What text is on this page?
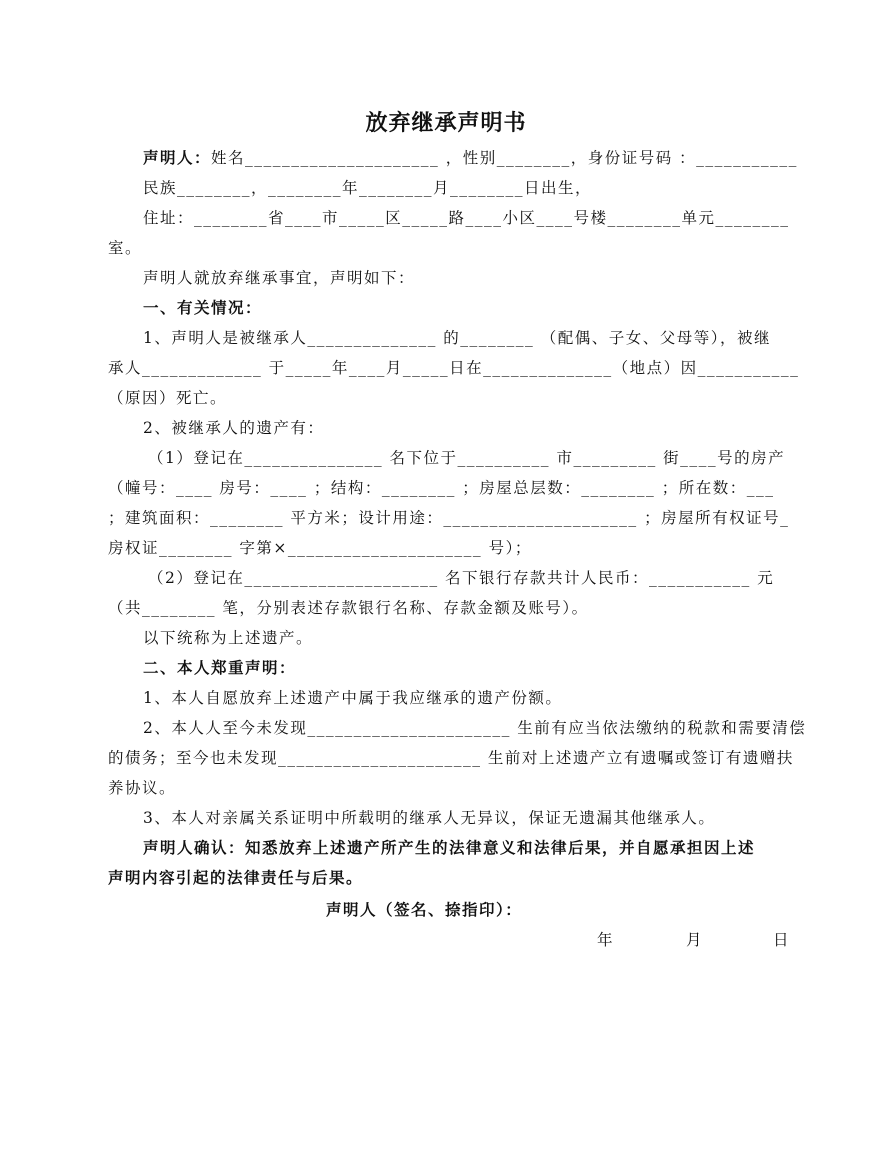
放弃继承声明书
声明人：姓名_____________________ ，性别________，身份证号码 ：___________
民族________，________年________月________日出生，
住址：________省____市_____区_____路____小区____号楼________单元________
室。
声明人就放弃继承事宜，声明如下：
一、有关情况：
1、声明人是被继承人______________ 的________ （配偶、子女、父母等），被继
承人_____________ 于_____年____月_____日在______________（地点）因___________
（原因）死亡。
2、被继承人的遗产有：
（1）登记在_______________ 名下位于__________ 市_________ 街____号的房产
（幢号：____ 房号：____ ；结构：________ ；房屋总层数：________ ；所在数：___
；建筑面积：________ 平方米；设计用途：_____________________ ；房屋所有权证号_
房权证________ 字第×_____________________ 号）；
（2）登记在_____________________ 名下银行存款共计人民币：___________ 元
（共________ 笔，分别表述存款银行名称、存款金额及账号）。
以下统称为上述遗产。
二、本人郑重声明：
1、本人自愿放弃上述遗产中属于我应继承的遗产份额。
2、本人人至今未发现______________________ 生前有应当依法缴纳的税款和需要清偿
的债务；至今也未发现______________________ 生前对上述遗产立有遗嘱或签订有遗赠扶
养协议。
3、本人对亲属关系证明中所载明的继承人无异议，保证无遗漏其他继承人。
声明人确认：知悉放弃上述遗产所产生的法律意义和法律后果，并自愿承担因上述
声明内容引起的法律责任与后果。
声明人（签名、捺指印）：
年	月	日
